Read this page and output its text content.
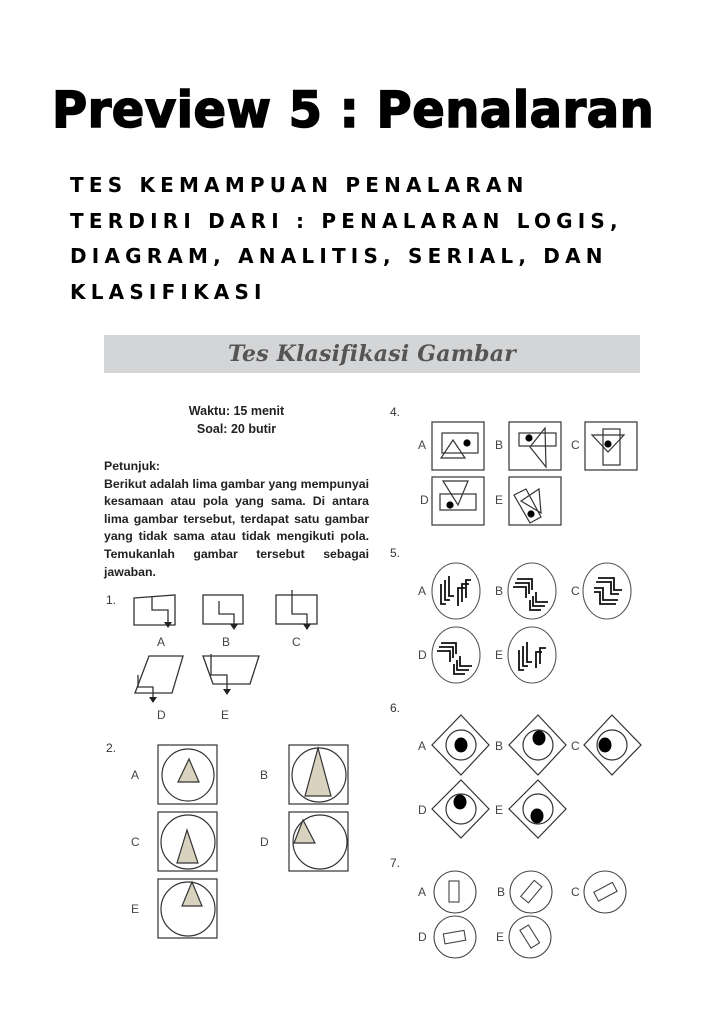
Preview 5 : Penalaran
TES KEMAMPUAN PENALARAN
TERDIRI DARI : PENALARAN LOGIS,
DIAGRAM, ANALITIS, SERIAL, DAN
KLASIFIKASI
Tes Klasifikasi Gambar
Waktu: 15 menit
Soal: 20 butir
Petunjuk:
Berikut adalah lima gambar yang mempunyai kesamaan atau pola yang sama. Di antara lima gambar tersebut, terdapat satu gambar yang tidak sama atau tidak mengikuti pola. Temukanlah gambar tersebut sebagai jawaban.
1.
A	B	C
D	E
2.
A	B
C	D
E
4.
A	B	C
D	E
5.
A	B	C
D	E
6.
A	B	C
D	E
7.
A	B	C
D	E
